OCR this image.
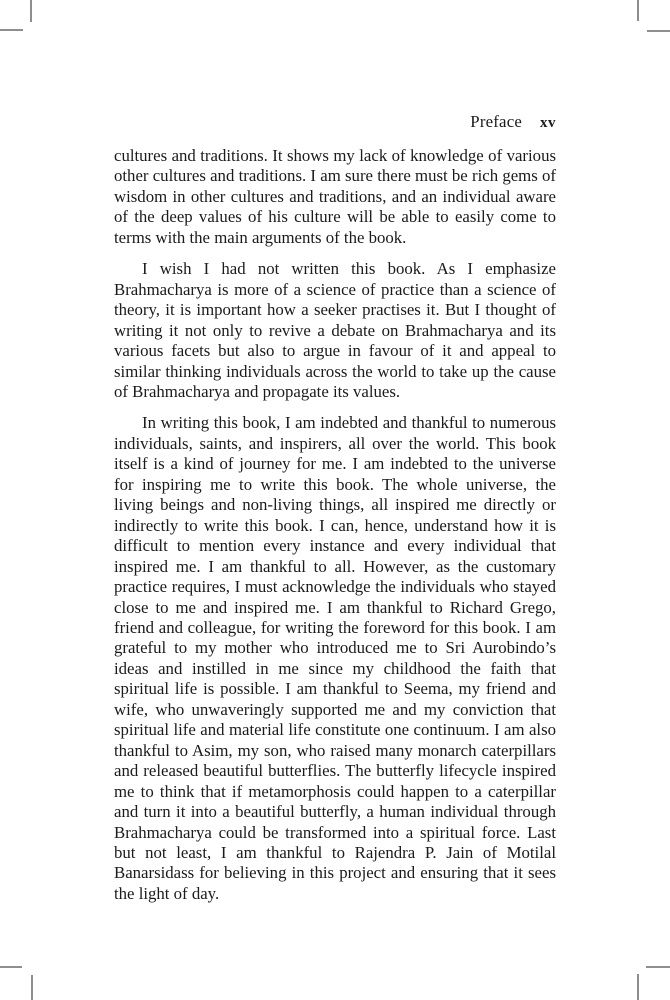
Preface xv

cultures and traditions. It shows my lack of knowledge of various other cultures and traditions. I am sure there must be rich gems of wisdom in other cultures and traditions, and an individual aware of the deep values of his culture will be able to easily come to terms with the main arguments of the book.

I wish I had not written this book. As I emphasize Brahmacharya is more of a science of practice than a science of theory, it is important how a seeker practises it. But I thought of writing it not only to revive a debate on Brahmacharya and its various facets but also to argue in favour of it and appeal to similar thinking individuals across the world to take up the cause of Brahmacharya and propagate its values.

In writing this book, I am indebted and thankful to numerous individuals, saints, and inspirers, all over the world. This book itself is a kind of journey for me. I am indebted to the universe for inspiring me to write this book. The whole universe, the living beings and non-living things, all inspired me directly or indirectly to write this book. I can, hence, understand how it is difficult to mention every instance and every individual that inspired me. I am thankful to all. However, as the customary practice requires, I must acknowledge the individuals who stayed close to me and inspired me. I am thankful to Richard Grego, friend and colleague, for writing the foreword for this book. I am grateful to my mother who introduced me to Sri Aurobindo’s ideas and instilled in me since my childhood the faith that spiritual life is possible. I am thankful to Seema, my friend and wife, who unwaveringly supported me and my conviction that spiritual life and material life constitute one continuum. I am also thankful to Asim, my son, who raised many monarch caterpillars and released beautiful butterflies. The butterfly lifecycle inspired me to think that if metamorphosis could happen to a caterpillar and turn it into a beautiful butterfly, a human individual through Brahmacharya could be transformed into a spiritual force. Last but not least, I am thankful to Rajendra P. Jain of Motilal Banarsidass for believing in this project and ensuring that it sees the light of day.
